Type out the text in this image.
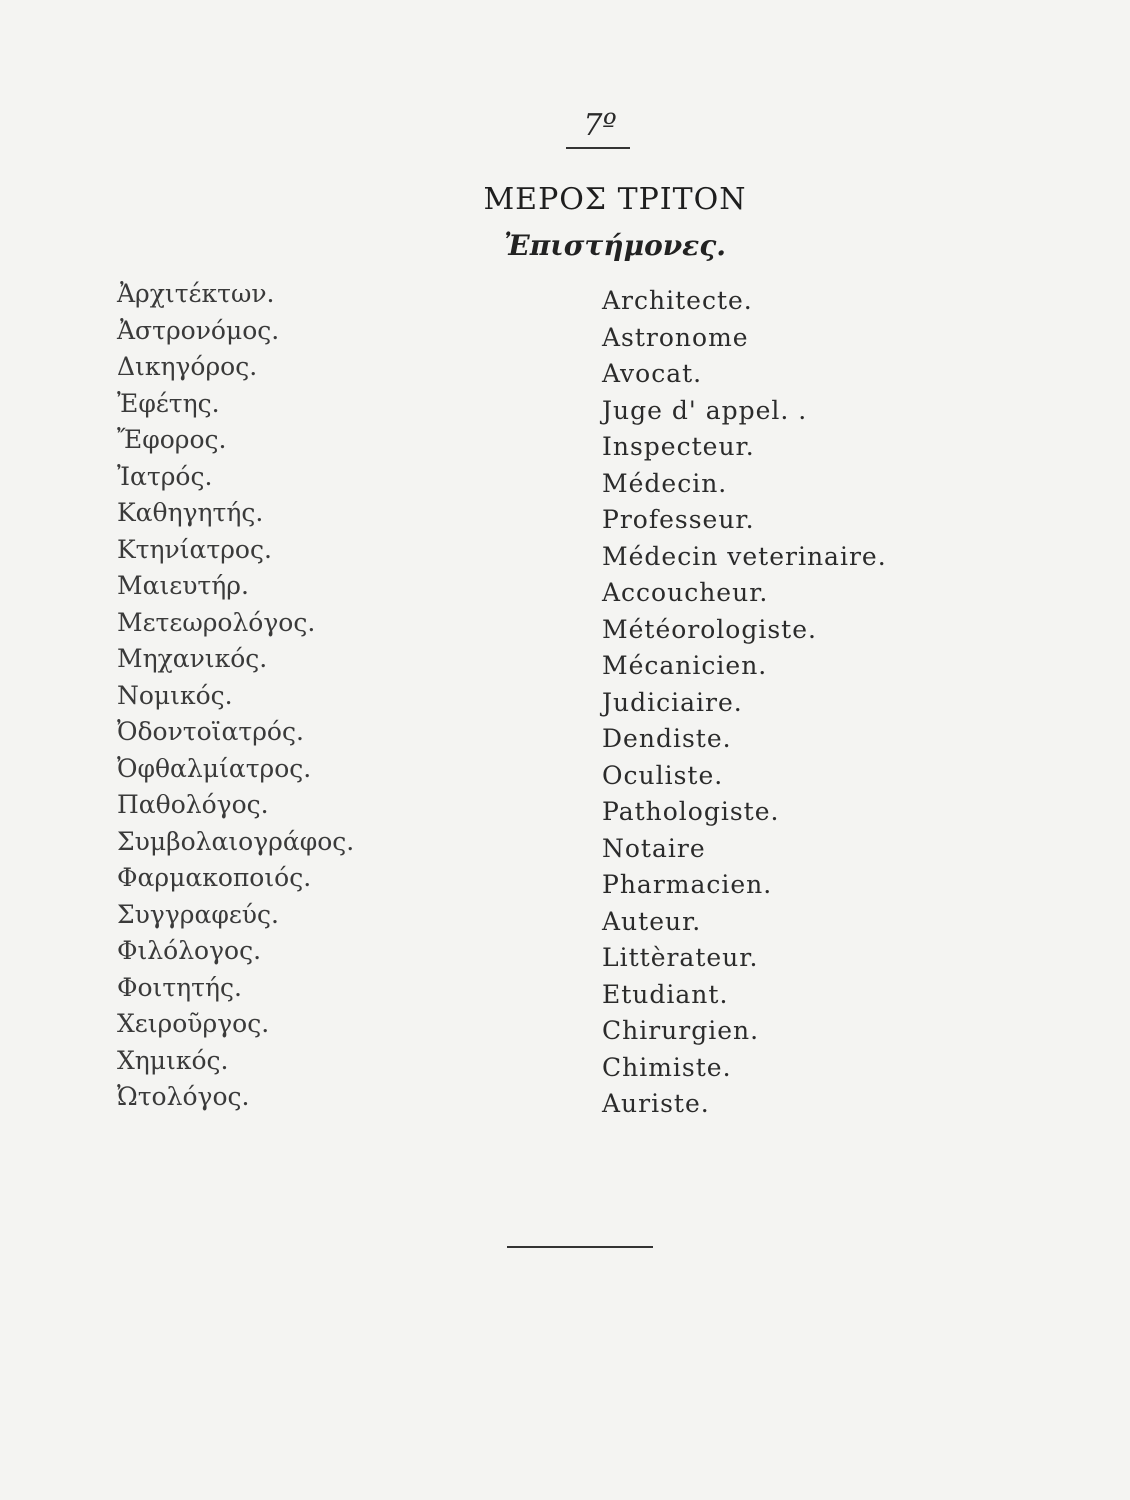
7º
ΜΕΡΟΣ ΤΡΙΤΟΝ
Ἐπιστήμονες.
Ἀρχιτέκτων.
Ἀστρονόμος.
Δικηγόρος.
Ἐφέτης.
Ἔφορος.
Ἰατρός.
Καθηγητής.
Κτηνίατρος.
Μαιευτήρ.
Μετεωρολόγος.
Μηχανικός.
Νομικός.
Ὀδοντοϊατρός.
Ὀφθαλμίατρος.
Παθολόγος.
Συμβολαιογράφος.
Φαρμακοποιός.
Συγγραφεύς.
Φιλόλογος.
Φοιτητής.
Χειροῦργος.
Χημικός.
Ὠτολόγος.
Architecte.
Astronome
Avocat.
Juge d' appel. .
Inspecteur.
Médecin.
Professeur.
Médecin veterinaire.
Accoucheur.
Météorologiste.
Mécanicien.
Judiciaire.
Dendiste.
Oculiste.
Pathologiste.
Notaire
Pharmacien.
Auteur.
Littèrateur.
Etudiant.
Chirurgien.
Chimiste.
Auriste.
